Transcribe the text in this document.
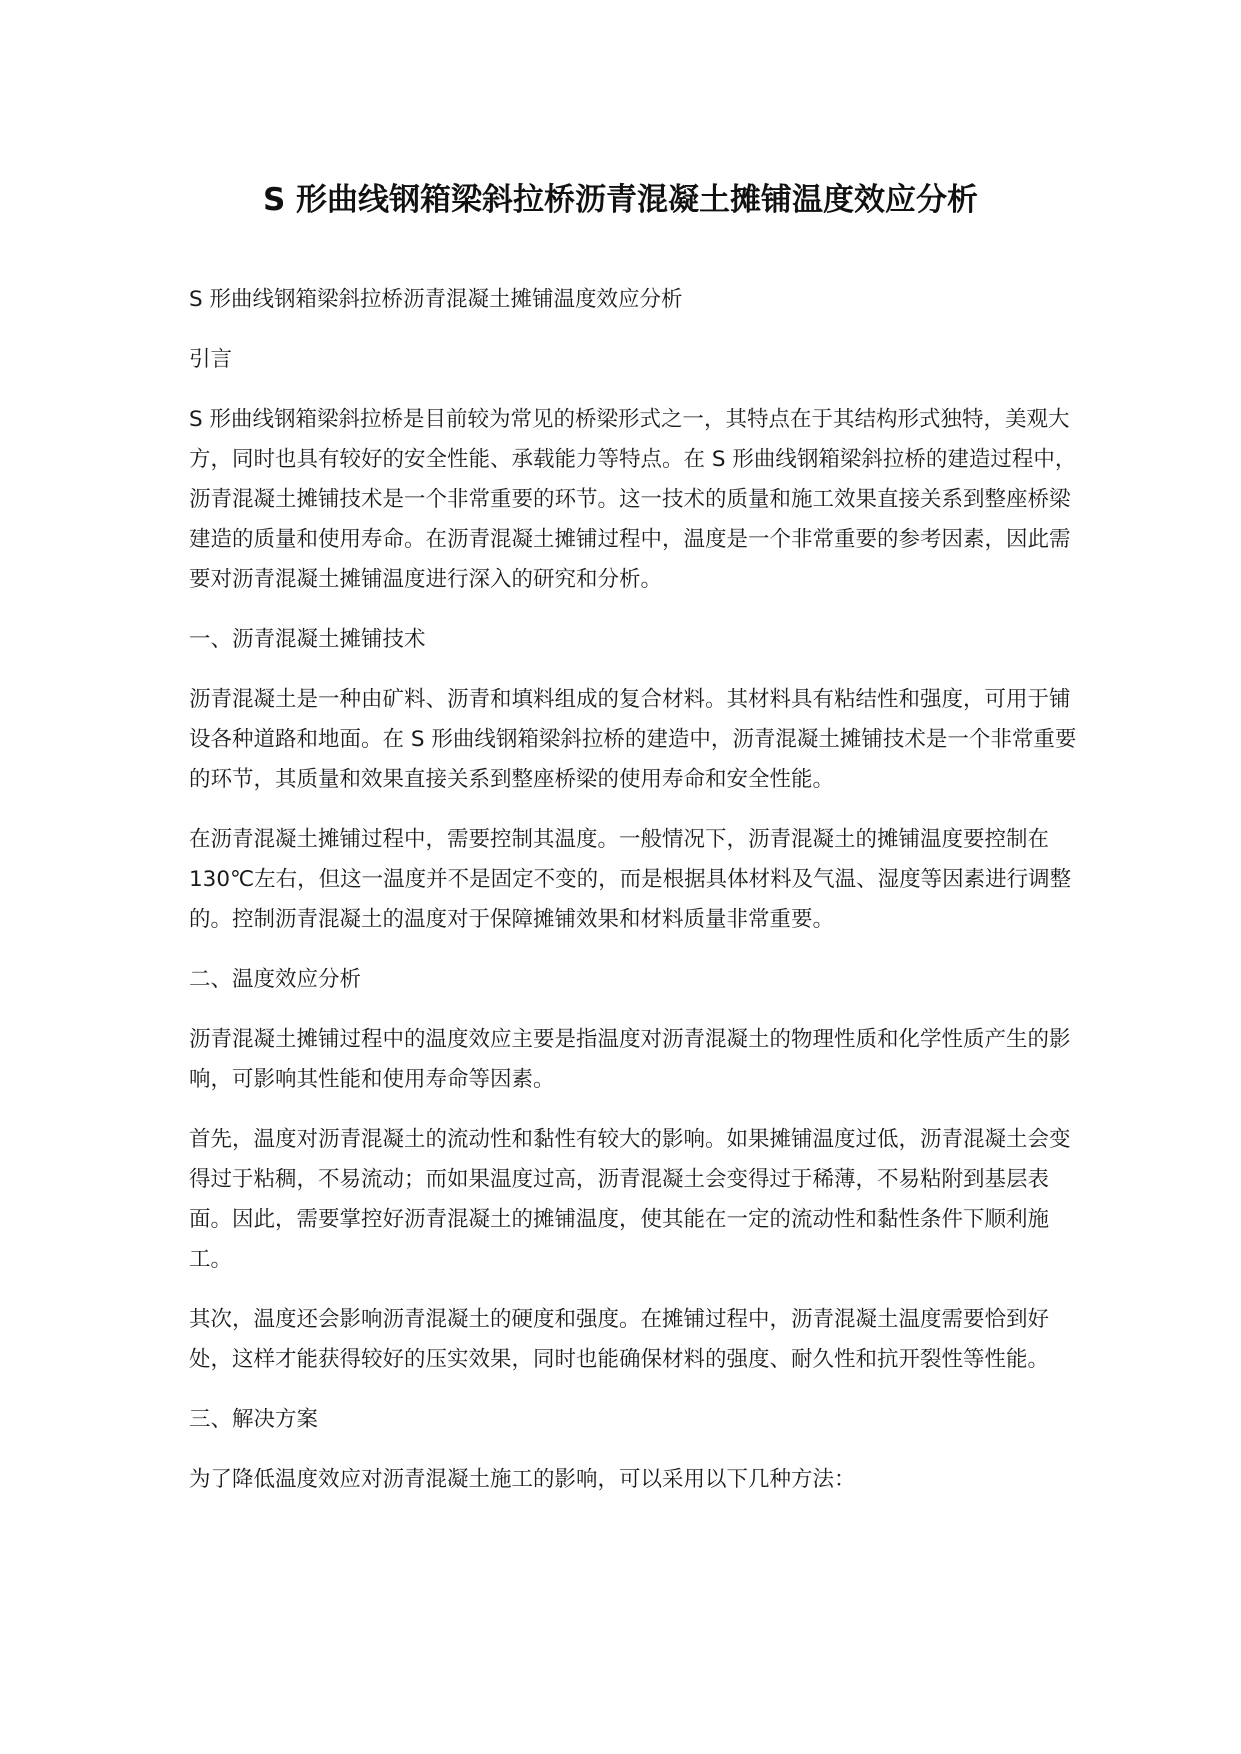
S 形曲线钢箱梁斜拉桥沥青混凝土摊铺温度效应分析

S 形曲线钢箱梁斜拉桥沥青混凝土摊铺温度效应分析

引言

S 形曲线钢箱梁斜拉桥是目前较为常见的桥梁形式之一，其特点在于其结构形式独特，美观大方，同时也具有较好的安全性能、承载能力等特点。在 S 形曲线钢箱梁斜拉桥的建造过程中，沥青混凝土摊铺技术是一个非常重要的环节。这一技术的质量和施工效果直接关系到整座桥梁建造的质量和使用寿命。在沥青混凝土摊铺过程中，温度是一个非常重要的参考因素，因此需要对沥青混凝土摊铺温度进行深入的研究和分析。

一、沥青混凝土摊铺技术

沥青混凝土是一种由矿料、沥青和填料组成的复合材料。其材料具有粘结性和强度，可用于铺设各种道路和地面。在 S 形曲线钢箱梁斜拉桥的建造中，沥青混凝土摊铺技术是一个非常重要的环节，其质量和效果直接关系到整座桥梁的使用寿命和安全性能。

在沥青混凝土摊铺过程中，需要控制其温度。一般情况下，沥青混凝土的摊铺温度要控制在 130℃左右，但这一温度并不是固定不变的，而是根据具体材料及气温、湿度等因素进行调整的。控制沥青混凝土的温度对于保障摊铺效果和材料质量非常重要。

二、温度效应分析

沥青混凝土摊铺过程中的温度效应主要是指温度对沥青混凝土的物理性质和化学性质产生的影响，可影响其性能和使用寿命等因素。

首先，温度对沥青混凝土的流动性和黏性有较大的影响。如果摊铺温度过低，沥青混凝土会变得过于粘稠，不易流动；而如果温度过高，沥青混凝土会变得过于稀薄，不易粘附到基层表面。因此，需要掌控好沥青混凝土的摊铺温度，使其能在一定的流动性和黏性条件下顺利施工。

其次，温度还会影响沥青混凝土的硬度和强度。在摊铺过程中，沥青混凝土温度需要恰到好处，这样才能获得较好的压实效果，同时也能确保材料的强度、耐久性和抗开裂性等性能。

三、解决方案

为了降低温度效应对沥青混凝土施工的影响，可以采用以下几种方法：
